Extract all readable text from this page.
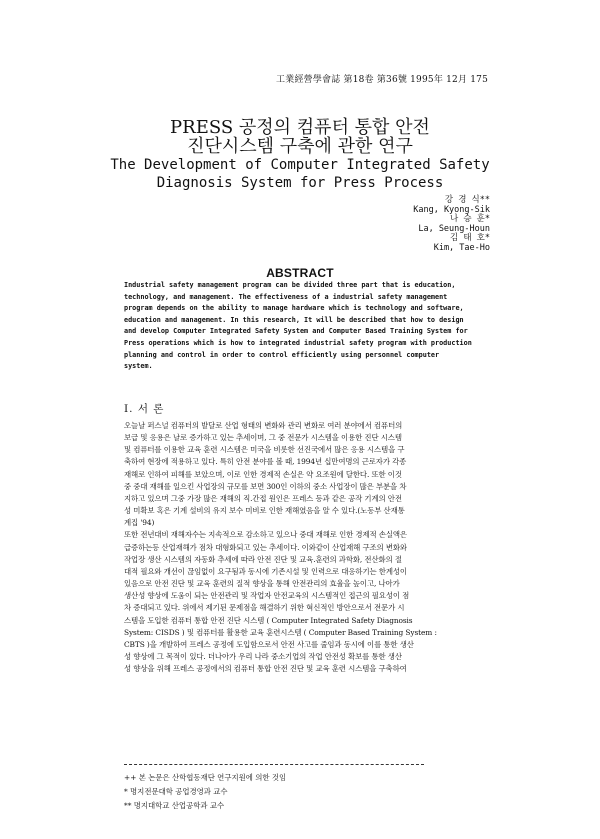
工業經營學會誌 第18卷 第36號 1995年 12月 175
PRESS 공정의 컴퓨터 통합 안전
진단시스템 구축에 관한 연구
The Development of Computer Integrated Safety
Diagnosis System for Press Process
강 경 식**
Kang, Kyong-Sik
나 승 훈*
La, Seung-Houn
김 태 호*
Kim, Tae-Ho
ABSTRACT
Industrial safety management program can be divided three part that is education,
technology, and management. The effectiveness of a industrial safety management
program depends on the ability to manage hardware which is technology and software,
education and management. In this research, It will be described that how to design
and develop Computer Integrated Safety System and Computer Based Training System for
Press operations which is how to integrated industrial safety program with production
planning and control in order to control efficiently using personnel computer
system.
I. 서 론
오늘날 퍼스널 컴퓨터의 발달로 산업 형태의 변화와 관리 변화로 여러 분야에서 컴퓨터의
보급 및 응용은 날로 증가하고 있는 추세이며, 그 중 전문가 시스템을 이용한 진단 시스템
및 컴퓨터를 이용한 교육 훈련 시스템은 미국을 비롯한 선진국에서 많은 응용 시스템을 구
축하여 현장에 적용하고 있다. 특히 안전 분야를 볼 때, 1994년 십만여명의 근로자가 각종
재해로 인하여 피해를 보았으며, 이로 인한 경제적 손실은 약 요조원에 달한다. 또한 이것
중 중대 재해를 일으킨 사업장의 규모를 보면 300인 이하의 중소 사업장이 많은 부분을 차
지하고 있으며 그중 가장 많은 재해의 직.간접 원인은 프레스 등과 같은 공작 기계의 안전
성 미확보 혹은 기계 설비의 유지 보수 미비로 인한 재해였음을 알 수 있다.(노동부 산재통
계집 '94)
또한 전년대비 재해자수는 지속적으로 감소하고 있으나 중대 재해로 인한 경제적 손실액은
급증하는등 산업재해가 점차 대형화되고 있는 추세이다. 이와같이 산업재해 구조의 변화와
작업장 생산 시스템의 자동화 추세에 따라 안전 진단 및 교육.훈련의 과학화, 전산화의 절
대적 필요와 개선이 끊임없이 요구됨과 동시에 기존시설 및 인력으로 대응하기는 한계성이
있음으로 안전 진단 및 교육 훈련의 질적 향상을 통해 안전관리의 효율을 높이고, 나아가
생산성 향상에 도움이 되는 안전관리 및 작업자 안전교육의 시스템적인 접근의 필요성이 점
차 증대되고 있다. 위에서 제기된 문제점을 해결하기 위한 혁신적인 방안으로서 전문가 시
스템을 도입한 컴퓨터 통합 안전 진단 시스템 ( Computer Integrated Safety Diagnosis
System: CISDS ) 및 컴퓨터를 활용한 교육 훈련시스템 ( Computer Based Training System :
CBTS )을 개발하여 프레스 공정에 도입함으로서 안전 사고를 줄임과 동시에 이를 통한 생산
성 향상에 그 목적이 있다. 더나아가 우리 나라 중소기업의 작업 안전성 확보를 통한 생산
성 향상을 위해 프레스 공정에서의 컴퓨터 통합 안전 진단 및 교육 훈련 시스템을 구축하여
++ 본 논문은 산학협동재단 연구지원에 의한 것임
* 명지전문대학 공업경영과 교수
** 명지대학교 산업공학과 교수
